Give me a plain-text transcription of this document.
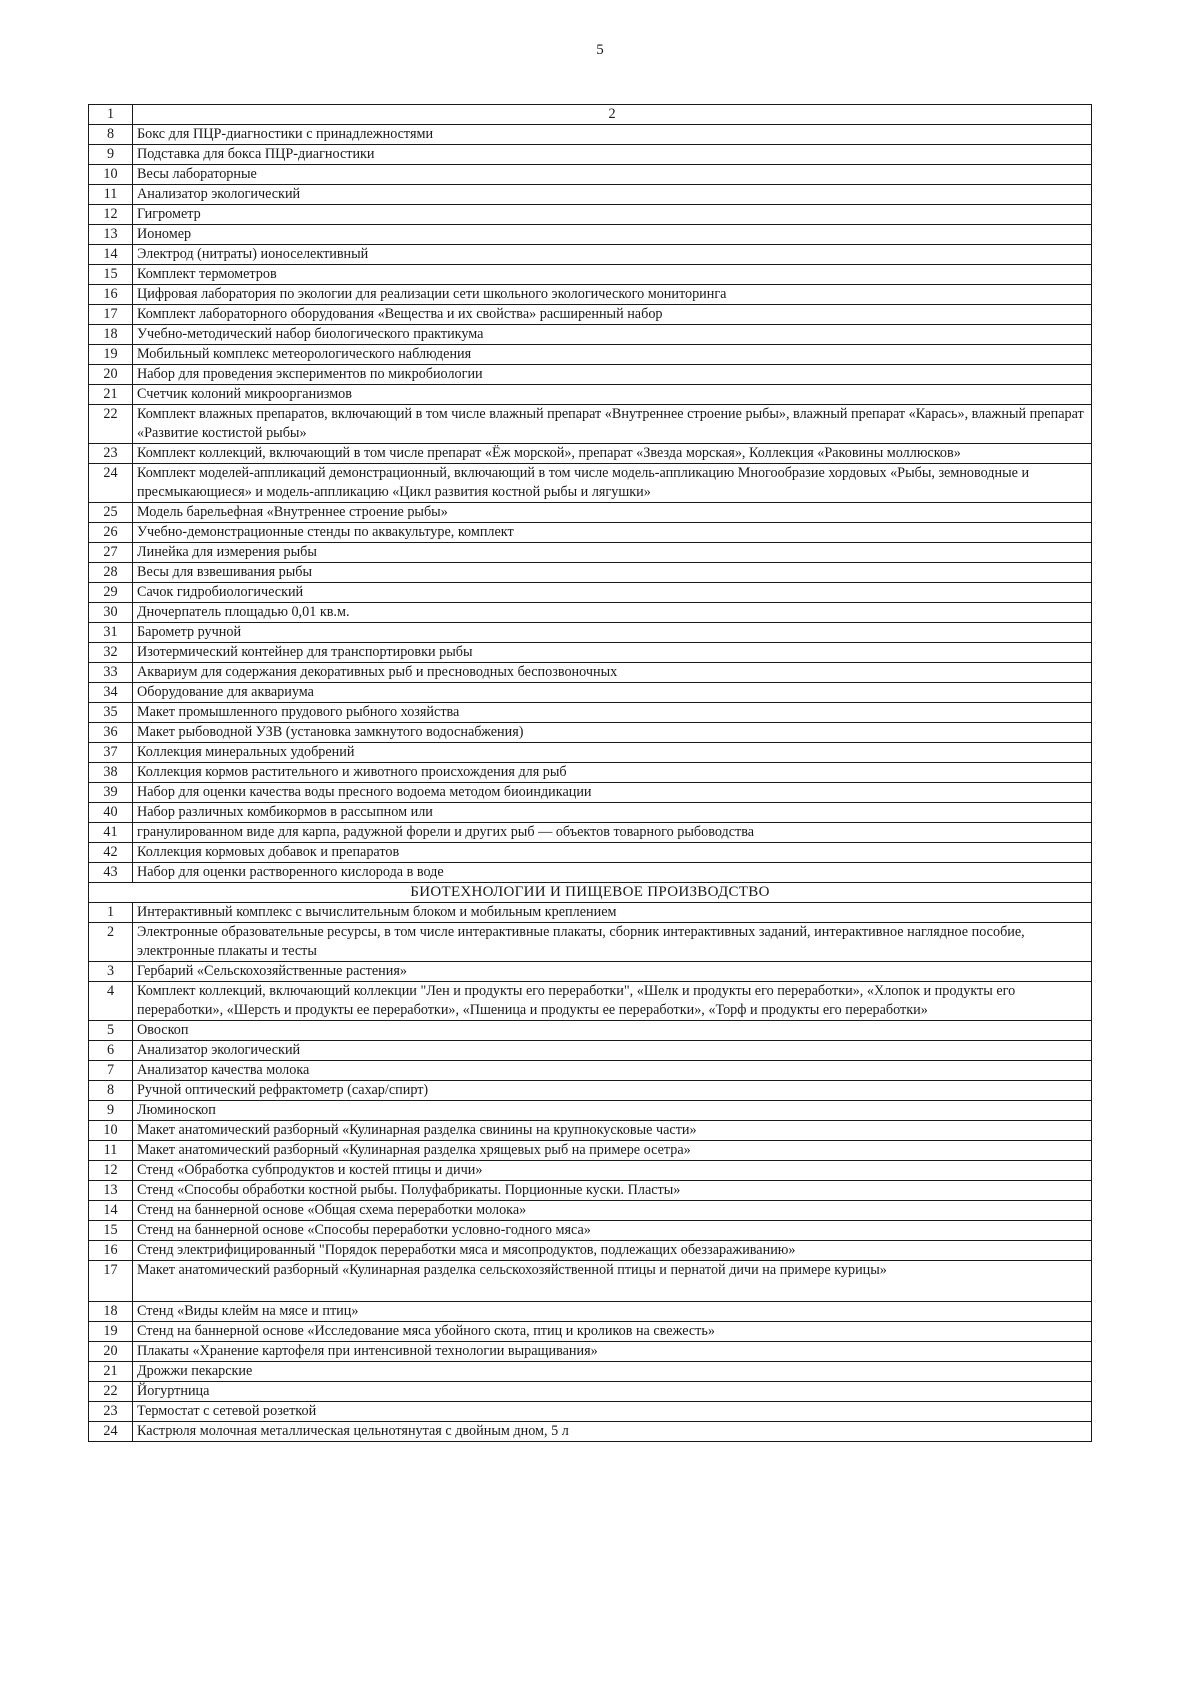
5
1	2
8	Бокс для ПЦР-диагностики с принадлежностями
9	Подставка для бокса ПЦР-диагностики
10	Весы лабораторные
11	Анализатор экологический
12	Гигрометр
13	Иономер
14	Электрод (нитраты) ионоселективный
15	Комплект термометров
16	Цифровая лаборатория по экологии для реализации сети школьного экологического мониторинга
17	Комплект лабораторного оборудования «Вещества и их свойства» расширенный набор
18	Учебно-методический набор биологического практикума
19	Мобильный комплекс метеорологического наблюдения
20	Набор для проведения экспериментов по микробиологии
21	Счетчик колоний микроорганизмов
22	Комплект влажных препаратов, включающий в том числе влажный препарат «Внутреннее строение рыбы», влажный препарат «Карась», влажный препарат «Развитие костистой рыбы»
23	Комплект коллекций, включающий в том числе препарат «Ёж морской», препарат «Звезда морская», Коллекция «Раковины моллюсков»
24	Комплект моделей-аппликаций демонстрационный, включающий в том числе модель-аппликацию Многообразие хордовых «Рыбы, земноводные и пресмыкающиеся» и модель-аппликацию «Цикл развития костной рыбы и лягушки»
25	Модель барельефная «Внутреннее строение рыбы»
26	Учебно-демонстрационные стенды по аквакультуре, комплект
27	Линейка для измерения рыбы
28	Весы для взвешивания рыбы
29	Сачок гидробиологический
30	Дночерпатель площадью 0,01 кв.м.
31	Барометр ручной
32	Изотермический контейнер для транспортировки рыбы
33	Аквариум для содержания декоративных рыб и пресноводных беспозвоночных
34	Оборудование для аквариума
35	Макет промышленного прудового рыбного хозяйства
36	Макет рыбоводной УЗВ (установка замкнутого водоснабжения)
37	Коллекция минеральных удобрений
38	Коллекция кормов растительного и животного происхождения для рыб
39	Набор для оценки качества воды пресного водоема методом биоиндикации
40	Набор различных комбикормов в рассыпном или
41	гранулированном виде для карпа, радужной форели и других рыб — объектов товарного рыбоводства
42	Коллекция кормовых добавок и препаратов
43	Набор для оценки растворенного кислорода в воде
БИОТЕХНОЛОГИИ И ПИЩЕВОЕ ПРОИЗВОДСТВО	
1	Интерактивный комплекс с вычислительным блоком и мобильным креплением
2	Электронные образовательные ресурсы, в том числе интерактивные плакаты, сборник интерактивных заданий, интерактивное наглядное пособие, электронные плакаты и тесты
3	Гербарий «Сельскохозяйственные растения»
4	Комплект коллекций, включающий коллекции "Лен и продукты его переработки", «Шелк и продукты его переработки», «Хлопок и продукты его переработки», «Шерсть и продукты ее переработки», «Пшеница и продукты ее переработки», «Торф и продукты его переработки»
5	Овоскоп
6	Анализатор экологический
7	Анализатор качества молока
8	Ручной оптический рефрактометр (сахар/спирт)
9	Люминоскоп
10	Макет анатомический разборный «Кулинарная разделка свинины на крупнокусковые части»
11	Макет анатомический разборный «Кулинарная разделка хрящевых рыб на примере осетра»
12	Стенд «Обработка субпродуктов и костей птицы и дичи»
13	Стенд «Способы обработки костной рыбы. Полуфабрикаты. Порционные куски. Пласты»
14	Стенд на баннерной основе «Общая схема переработки молока»
15	Стенд на баннерной основе «Способы переработки условно-годного мяса»
16	Стенд электрифицированный "Порядок переработки мяса и мясопродуктов, подлежащих обеззараживанию»
17	Макет анатомический разборный «Кулинарная разделка сельскохозяйственной птицы и пернатой дичи на примере курицы»
18	Стенд «Виды клейм на мясе и птиц»
19	Стенд на баннерной основе «Исследование мяса убойного скота, птиц и кроликов на свежесть»
20	Плакаты «Хранение картофеля при интенсивной технологии выращивания»
21	Дрожжи пекарские
22	Йогуртница
23	Термостат с сетевой розеткой
24	Кастрюля молочная металлическая цельнотянутая с двойным дном, 5 л
